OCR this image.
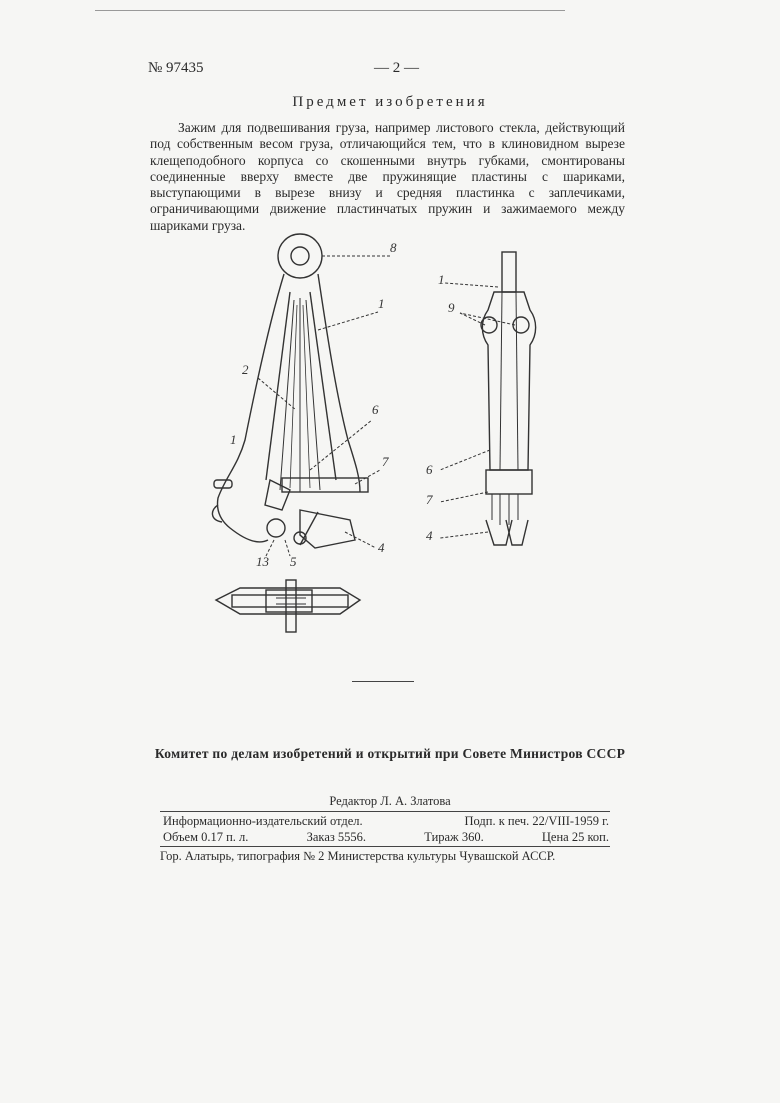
№ 97435	— 2 —
Предмет изобретения

Зажим для подвешивания груза, например листового стекла, действующий под собственным весом груза, отличающийся тем, что в клиновидном вырезе клещеподобного корпуса со скошенными внутрь губками, смонтированы соединенные вверху вместе две пружинящие пластины с шариками, выступающими в вырезе внизу и средняя пластинка с заплечиками, ограничивающими движение пластинчатых пружин и зажимаемого между шариками груза.

8
1
2
6
7
4
5
13
1
1
9
6
7
4
Комитет по делам изобретений и открытий при Совете Министров СССР
Редактор Л. А. Златова
Информационно-издательский отдел.	Подп. к печ. 22/VIII-1959 г.
Объем 0.17 п. л.	Заказ 5556.	Тираж 360.	Цена 25 коп.
Гор. Алатырь, типография № 2 Министерства культуры Чувашской АССР.
